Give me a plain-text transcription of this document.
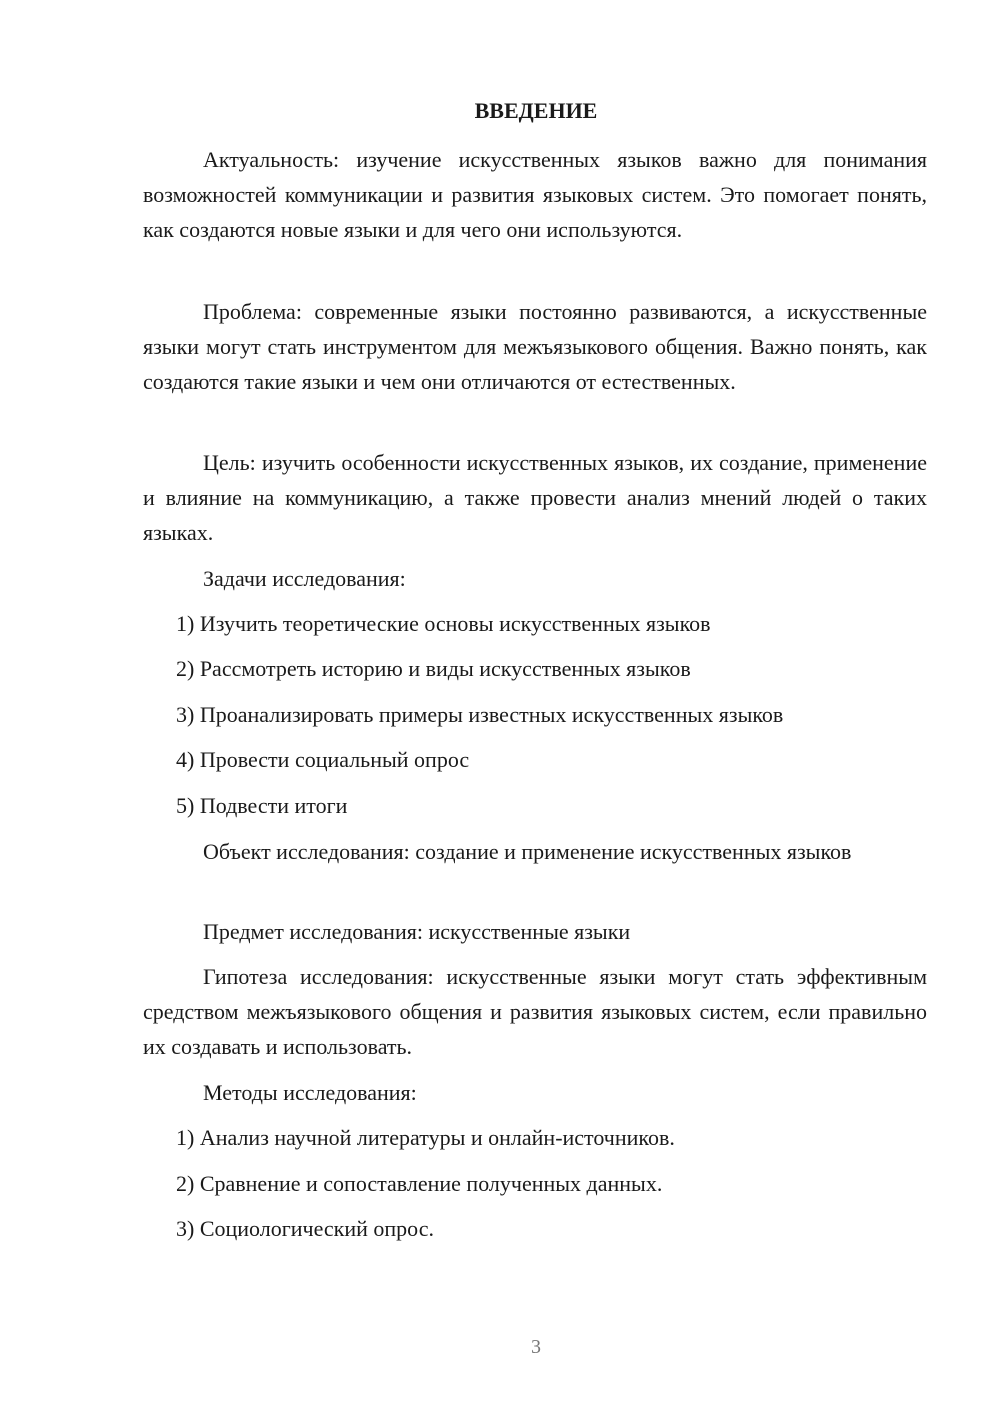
ВВЕДЕНИЕ

Актуальность: изучение искусственных языков важно для понимания возможностей коммуникации и развития языковых систем. Это помогает понять, как создаются новые языки и для чего они используются.

Проблема: современные языки постоянно развиваются, а искусственные языки могут стать инструментом для межъязыкового общения. Важно понять, как создаются такие языки и чем они отличаются от естественных.

Цель: изучить особенности искусственных языков, их создание, применение и влияние на коммуникацию, а также провести анализ мнений людей о таких языках.

Задачи исследования:

1) Изучить теоретические основы искусственных языков

2) Рассмотреть историю и виды искусственных языков

3) Проанализировать примеры известных искусственных языков

4) Провести социальный опрос

5) Подвести итоги

Объект исследования: создание и применение искусственных языков

Предмет исследования: искусственные языки

Гипотеза исследования: искусственные языки могут стать эффективным средством межъязыкового общения и развития языковых систем, если правильно их создавать и использовать.

Методы исследования:

1) Анализ научной литературы и онлайн-источников.

2) Сравнение и сопоставление полученных данных.

3) Социологический опрос.

3
